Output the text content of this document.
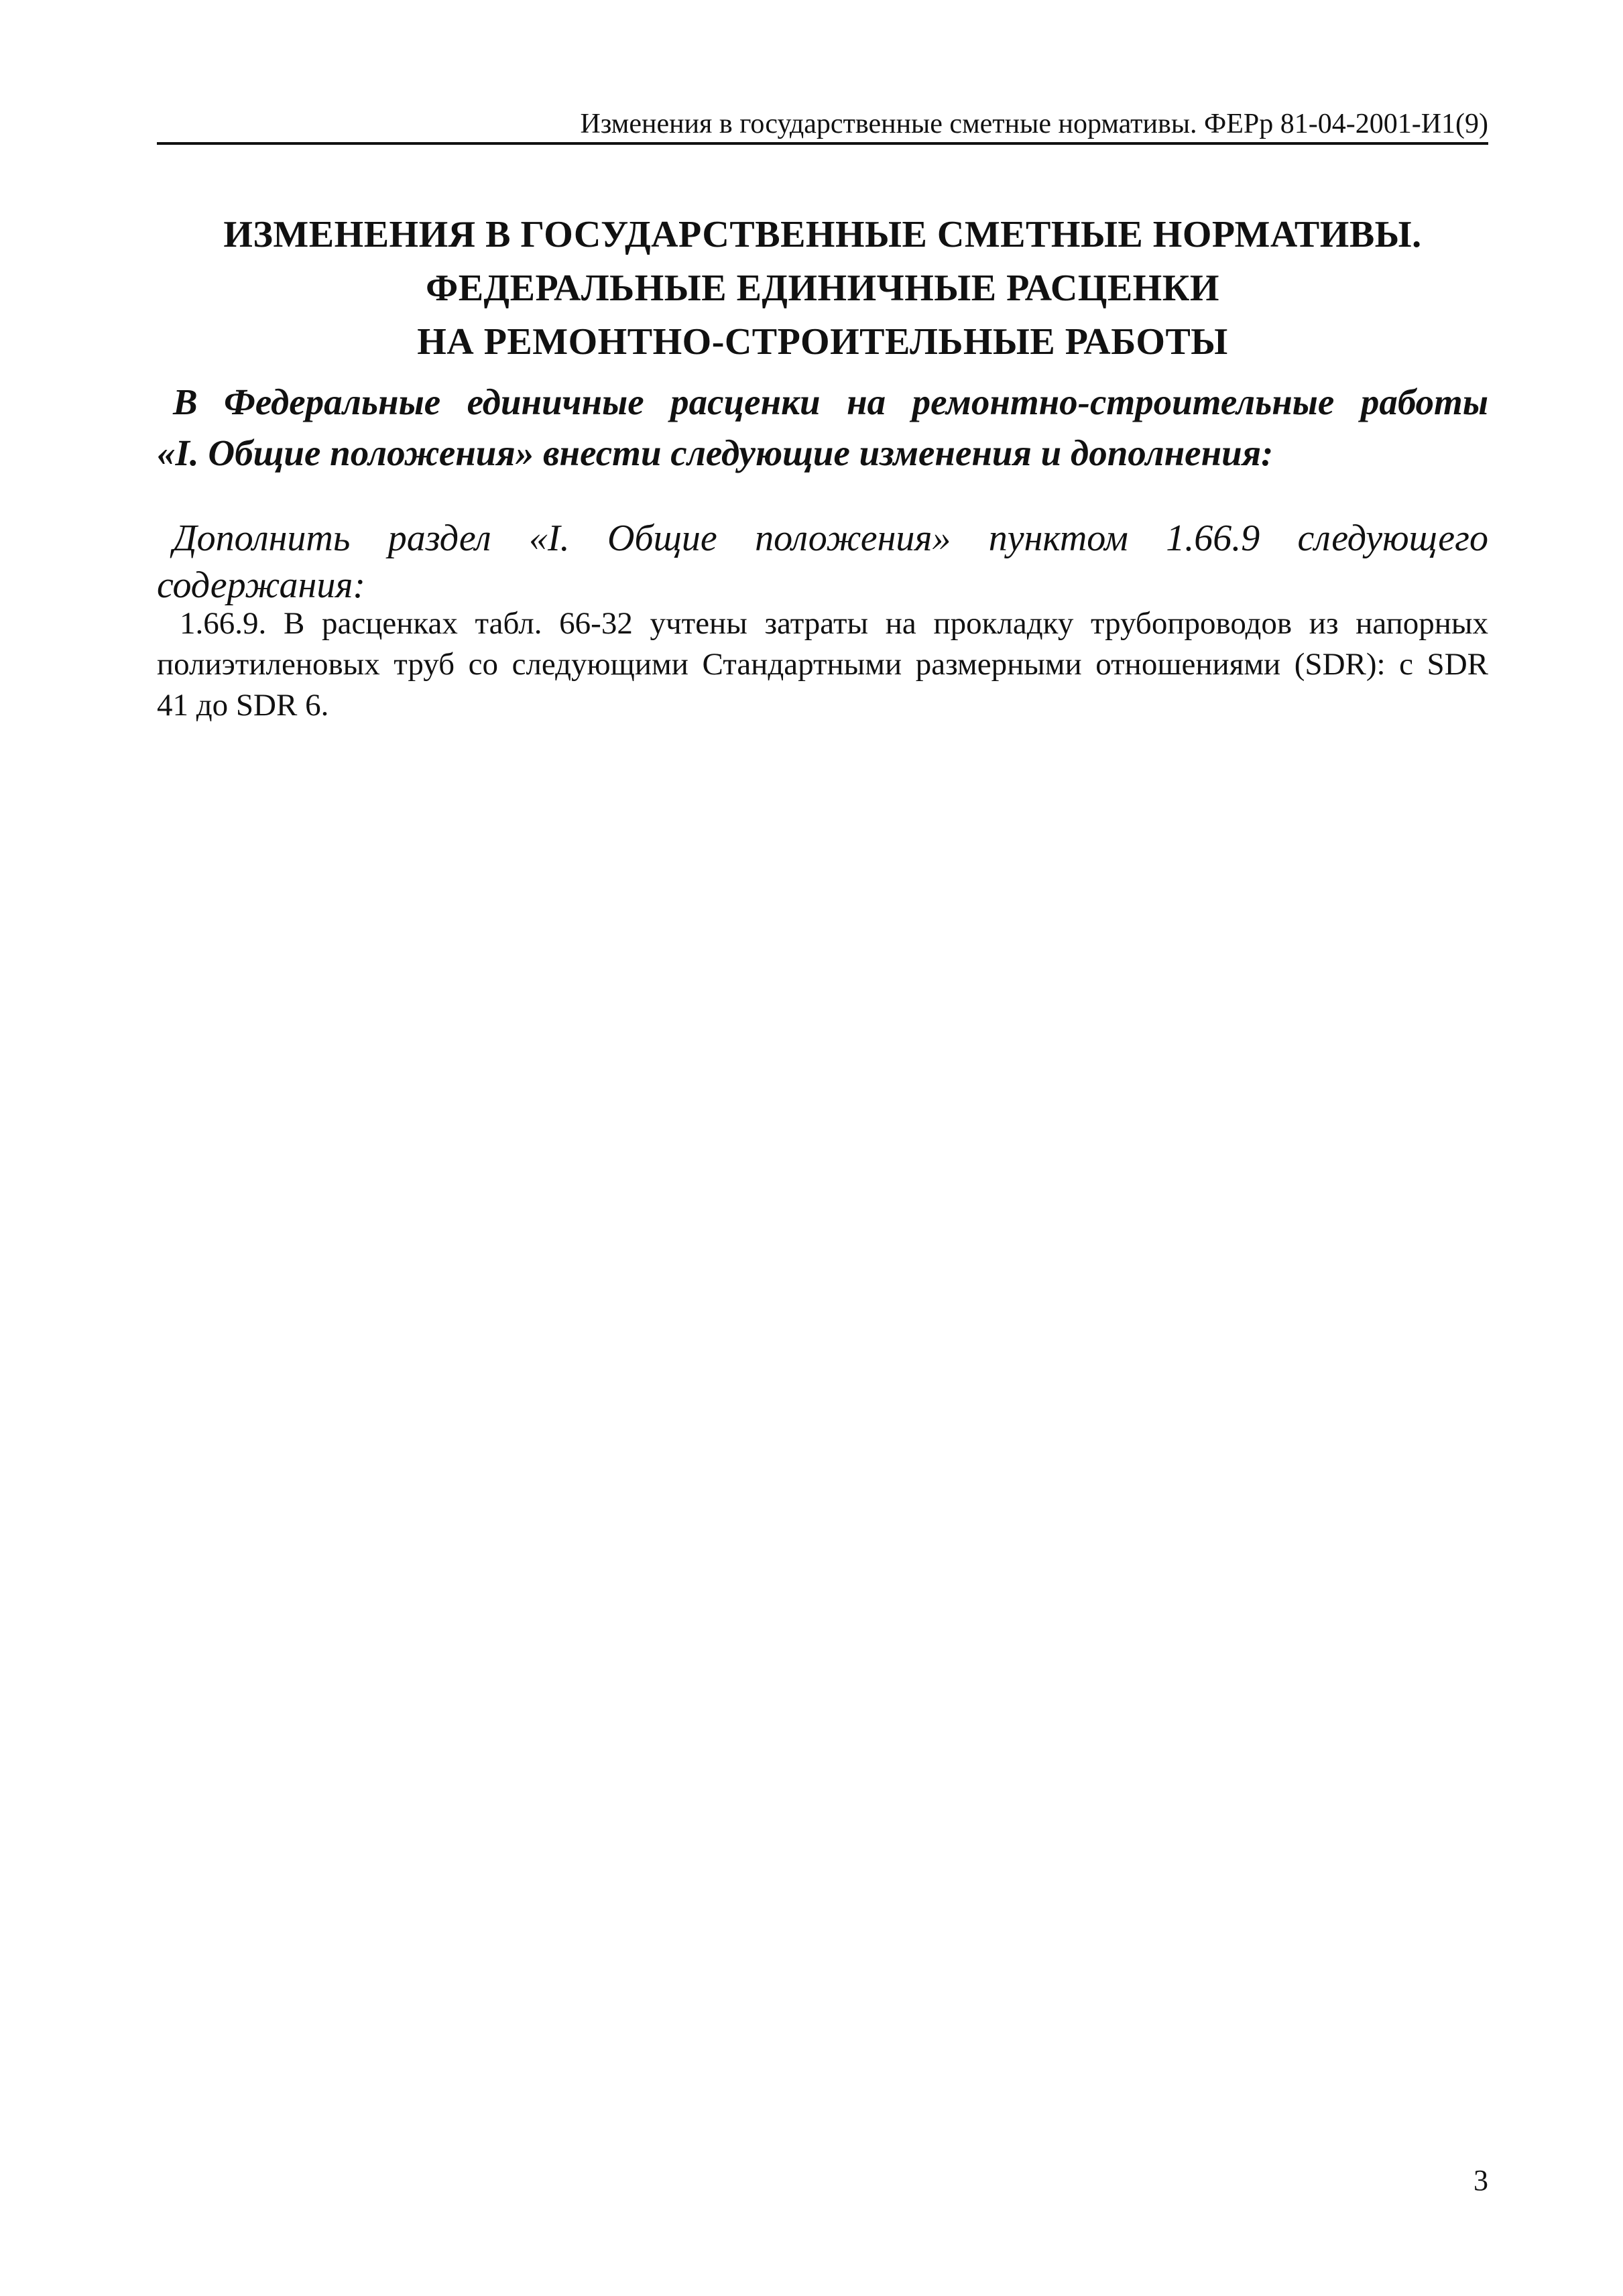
Изменения в государственные сметные нормативы. ФЕРр 81-04-2001-И1(9)
ИЗМЕНЕНИЯ В ГОСУДАРСТВЕННЫЕ СМЕТНЫЕ НОРМАТИВЫ.
ФЕДЕРАЛЬНЫЕ ЕДИНИЧНЫЕ РАСЦЕНКИ
НА РЕМОНТНО-СТРОИТЕЛЬНЫЕ РАБОТЫ
В Федеральные единичные расценки на ремонтно-строительные работы
«I. Общие положения» внести следующие изменения и дополнения:
Дополнить раздел «I. Общие положения» пунктом 1.66.9 следующего
содержания:
1.66.9. В расценках табл. 66-32 учтены затраты на прокладку трубопроводов из напорных
полиэтиленовых труб со следующими Стандартными размерными отношениями (SDR): с SDR
41 до SDR 6.
3
